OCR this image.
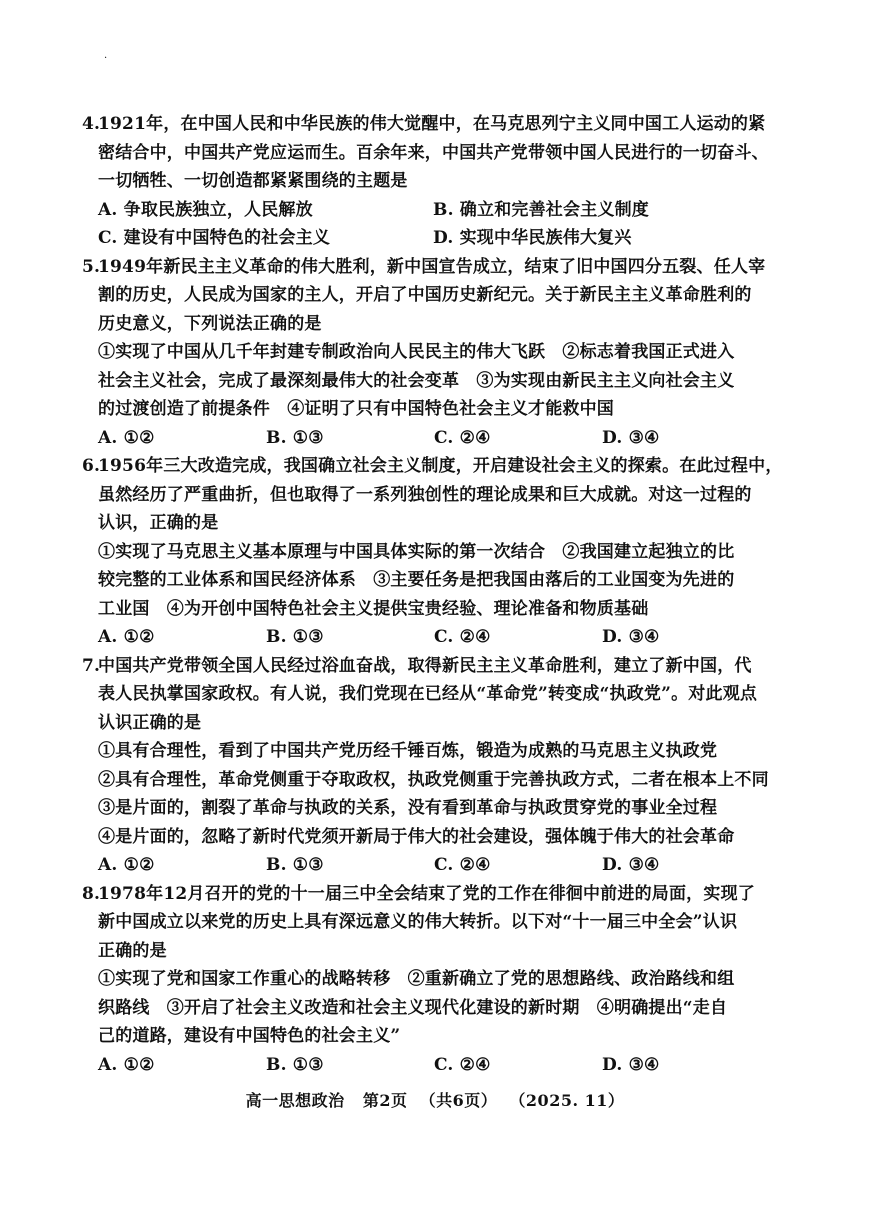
.
4.
1921年，在中国人民和中华民族的伟大觉醒中，在马克思列宁主义同中国工人运动的紧
密结合中，中国共产党应运而生。百余年来，中国共产党带领中国人民进行的一切奋斗、
一切牺牲、一切创造都紧紧围绕的主题是
A. 争取民族独立，人民解放	B. 确立和完善社会主义制度
C. 建设有中国特色的社会主义	D. 实现中华民族伟大复兴
5.
1949年新民主主义革命的伟大胜利，新中国宣告成立，结束了旧中国四分五裂、任人宰
割的历史，人民成为国家的主人，开启了中国历史新纪元。关于新民主主义革命胜利的
历史意义，下列说法正确的是
①实现了中国从几千年封建专制政治向人民民主的伟大飞跃　②标志着我国正式进入
社会主义社会，完成了最深刻最伟大的社会变革　③为实现由新民主主义向社会主义
的过渡创造了前提条件　④证明了只有中国特色社会主义才能救中国
A. ①②	B. ①③	C. ②④	D. ③④
6.
1956年三大改造完成，我国确立社会主义制度，开启建设社会主义的探索。在此过程中，
虽然经历了严重曲折，但也取得了一系列独创性的理论成果和巨大成就。对这一过程的
认识，正确的是
①实现了马克思主义基本原理与中国具体实际的第一次结合　②我国建立起独立的比
较完整的工业体系和国民经济体系　③主要任务是把我国由落后的工业国变为先进的
工业国　④为开创中国特色社会主义提供宝贵经验、理论准备和物质基础
A. ①②	B. ①③	C. ②④	D. ③④
7.
中国共产党带领全国人民经过浴血奋战，取得新民主主义革命胜利，建立了新中国，代
表人民执掌国家政权。有人说，我们党现在已经从“革命党”转变成“执政党”。对此观点
认识正确的是
①具有合理性，看到了中国共产党历经千锤百炼，锻造为成熟的马克思主义执政党
②具有合理性，革命党侧重于夺取政权，执政党侧重于完善执政方式，二者在根本上不同
③是片面的，割裂了革命与执政的关系，没有看到革命与执政贯穿党的事业全过程
④是片面的，忽略了新时代党须开新局于伟大的社会建设，强体魄于伟大的社会革命
A. ①②	B. ①③	C. ②④	D. ③④
8.
1978年12月召开的党的十一届三中全会结束了党的工作在徘徊中前进的局面，实现了
新中国成立以来党的历史上具有深远意义的伟大转折。以下对“十一届三中全会”认识
正确的是
①实现了党和国家工作重心的战略转移　②重新确立了党的思想路线、政治路线和组
织路线　③开启了社会主义改造和社会主义现代化建设的新时期　④明确提出“走自
己的道路，建设有中国特色的社会主义”
A. ①②	B. ①③	C. ②④	D. ③④
高一思想政治 第2页 （共6页） （2025. 11）
